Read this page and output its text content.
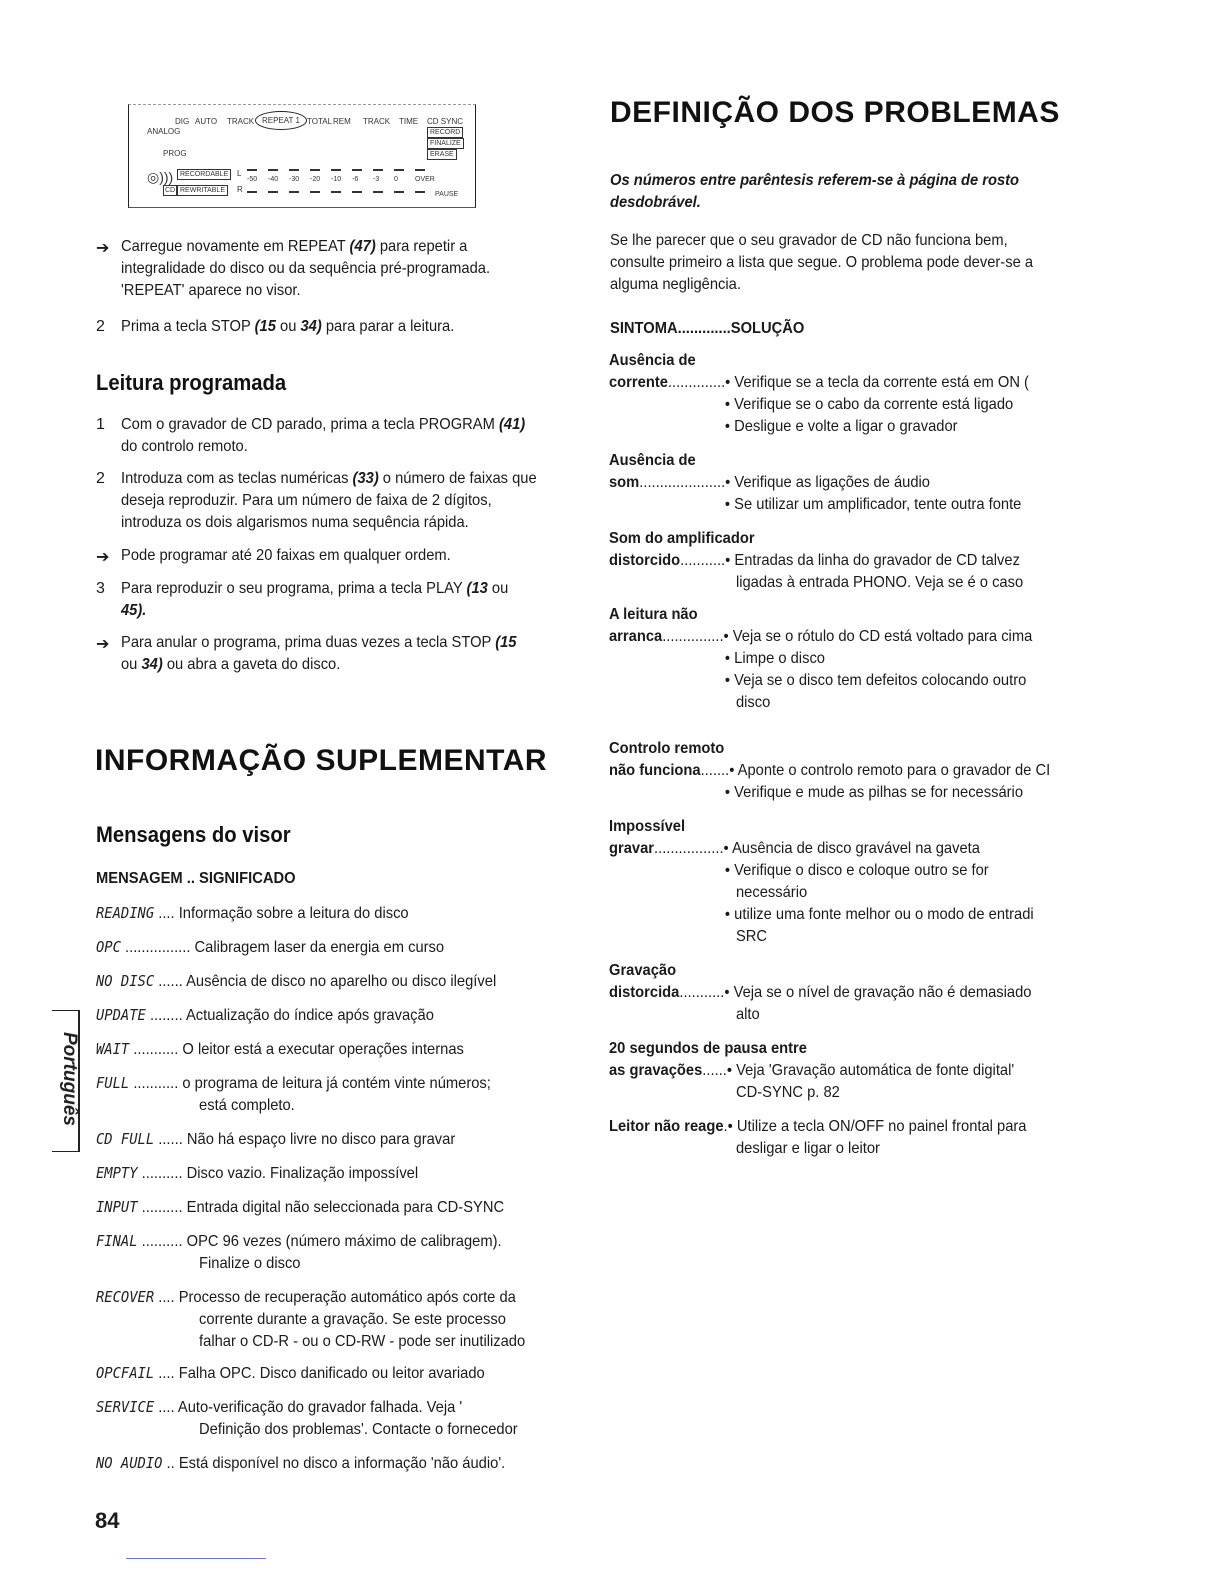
DIG AUTO TRACK REPEAT 1 TOTAL REM TRACK TIME CD SYNC
ANALOG
PROG
RECORD
FINALIZE
ERASE
◎))) RECORDABLE
REWRITABLE
CD
L
R
-50 -40 -30 -20 -10 -6 -3 0 OVER
PAUSE
➔ Carregue novamente em REPEAT (47) para repetir a
integralidade do disco ou da sequência pré-programada.
'REPEAT' aparece no visor.
2 Prima a tecla STOP (15 ou 34) para parar a leitura.
Leitura programada
1 Com o gravador de CD parado, prima a tecla PROGRAM (41)
do controlo remoto.
2 Introduza com as teclas numéricas (33) o número de faixas que
deseja reproduzir. Para um número de faixa de 2 dígitos,
introduza os dois algarismos numa sequência rápida.
➔ Pode programar até 20 faixas em qualquer ordem.
3 Para reproduzir o seu programa, prima a tecla PLAY (13 ou
45).
➔ Para anular o programa, prima duas vezes a tecla STOP (15
ou 34) ou abra a gaveta do disco.
INFORMAÇÃO SUPLEMENTAR
Mensagens do visor
MENSAGEM .. SIGNIFICADO
READING .... Informação sobre a leitura do disco
OPC ................ Calibragem laser da energia em curso
NO DISC ...... Ausência de disco no aparelho ou disco ilegível
UPDATE ........ Actualização do índice após gravação
WAIT ........... O leitor está a executar operações internas
FULL ........... o programa de leitura já contém vinte números;
está completo.
CD FULL ...... Não há espaço livre no disco para gravar
EMPTY .......... Disco vazio. Finalização impossível
INPUT .......... Entrada digital não seleccionada para CD-SYNC
FINAL .......... OPC 96 vezes (número máximo de calibragem).
Finalize o disco
RECOVER .... Processo de recuperação automático após corte da
corrente durante a gravação. Se este processo
falhar o CD-R - ou o CD-RW - pode ser inutilizado
OPCFAIL .... Falha OPC. Disco danificado ou leitor avariado
SERVICE .... Auto-verificação do gravador falhada. Veja '
Definição dos problemas'. Contacte o fornecedor
NO AUDIO .. Está disponível no disco a informação 'não áudio'.
Português
84
DEFINIÇÃO DOS PROBLEMAS
Os números entre parêntesis referem-se à página de rosto
desdobrável.
Se lhe parecer que o seu gravador de CD não funciona bem,
consulte primeiro a lista que segue. O problema pode dever-se a
alguma negligência.
SINTOMA.............SOLUÇÃO
Ausência de
corrente..............• Verifique se a tecla da corrente está em ON (
• Verifique se o cabo da corrente está ligado
• Desligue e volte a ligar o gravador
Ausência de
som.....................• Verifique as ligações de áudio
• Se utilizar um amplificador, tente outra fonte
Som do amplificador
distorcido...........• Entradas da linha do gravador de CD talvez
ligadas à entrada PHONO. Veja se é o caso
A leitura não
arranca...............• Veja se o rótulo do CD está voltado para cima
• Limpe o disco
• Veja se o disco tem defeitos colocando outro
disco
Controlo remoto
não funciona.......• Aponte o controlo remoto para o gravador de CI
• Verifique e mude as pilhas se for necessário
Impossível
gravar.................• Ausência de disco gravável na gaveta
• Verifique o disco e coloque outro se for
necessário
• utilize uma fonte melhor ou o modo de entradi
SRC
Gravação
distorcida...........• Veja se o nível de gravação não é demasiado
alto
20 segundos de pausa entre
as gravações......• Veja 'Gravação automática de fonte digital'
CD-SYNC p. 82
Leitor não reage.• Utilize a tecla ON/OFF no painel frontal para
desligar e ligar o leitor
